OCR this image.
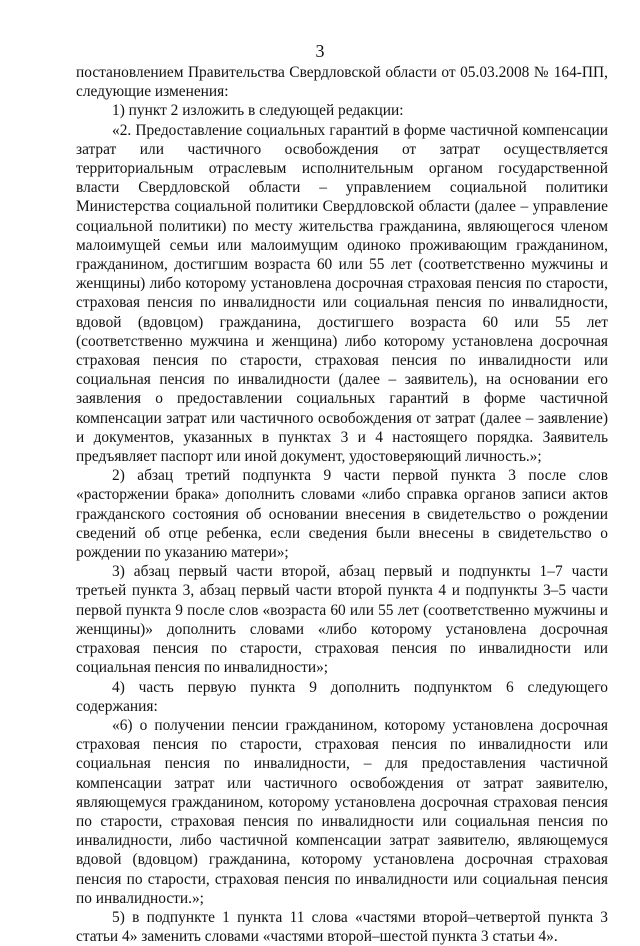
3

постановлением Правительства Свердловской области от 05.03.2008 № 164-ПП, следующие изменения:

1) пункт 2 изложить в следующей редакции:

«2. Предоставление социальных гарантий в форме частичной компенсации затрат или частичного освобождения от затрат осуществляется территориальным отраслевым исполнительным органом государственной власти Свердловской области – управлением социальной политики Министерства социальной политики Свердловской области (далее – управление социальной политики) по месту жительства гражданина, являющегося членом малоимущей семьи или малоимущим одиноко проживающим гражданином, гражданином, достигшим возраста 60 или 55 лет (соответственно мужчины и женщины) либо которому установлена досрочная страховая пенсия по старости, страховая пенсия по инвалидности или социальная пенсия по инвалидности, вдовой (вдовцом) гражданина, достигшего возраста 60 или 55 лет (соответственно мужчина и женщина) либо которому установлена досрочная страховая пенсия по старости, страховая пенсия по инвалидности или социальная пенсия по инвалидности (далее – заявитель), на основании его заявления о предоставлении социальных гарантий в форме частичной компенсации затрат или частичного освобождения от затрат (далее – заявление) и документов, указанных в пунктах 3 и 4 настоящего порядка. Заявитель предъявляет паспорт или иной документ, удостоверяющий личность.»;

2) абзац третий подпункта 9 части первой пункта 3 после слов «расторжении брака» дополнить словами «либо справка органов записи актов гражданского состояния об основании внесения в свидетельство о рождении сведений об отце ребенка, если сведения были внесены в свидетельство о рождении по указанию матери»;

3) абзац первый части второй, абзац первый и подпункты 1–7 части третьей пункта 3, абзац первый части второй пункта 4 и подпункты 3–5 части первой пункта 9 после слов «возраста 60 или 55 лет (соответственно мужчины и женщины)» дополнить словами «либо которому установлена досрочная страховая пенсия по старости, страховая пенсия по инвалидности или социальная пенсия по инвалидности»;

4) часть первую пункта 9 дополнить подпунктом 6 следующего содержания:

«6) о получении пенсии гражданином, которому установлена досрочная страховая пенсия по старости, страховая пенсия по инвалидности или социальная пенсия по инвалидности, – для предоставления частичной компенсации затрат или частичного освобождения от затрат заявителю, являющемуся гражданином, которому установлена досрочная страховая пенсия по старости, страховая пенсия по инвалидности или социальная пенсия по инвалидности, либо частичной компенсации затрат заявителю, являющемуся вдовой (вдовцом) гражданина, которому установлена досрочная страховая пенсия по старости, страховая пенсия по инвалидности или социальная пенсия по инвалидности.»;

5) в подпункте 1 пункта 11 слова «частями второй–четвертой пункта 3 статьи 4» заменить словами «частями второй–шестой пункта 3 статьи 4».
